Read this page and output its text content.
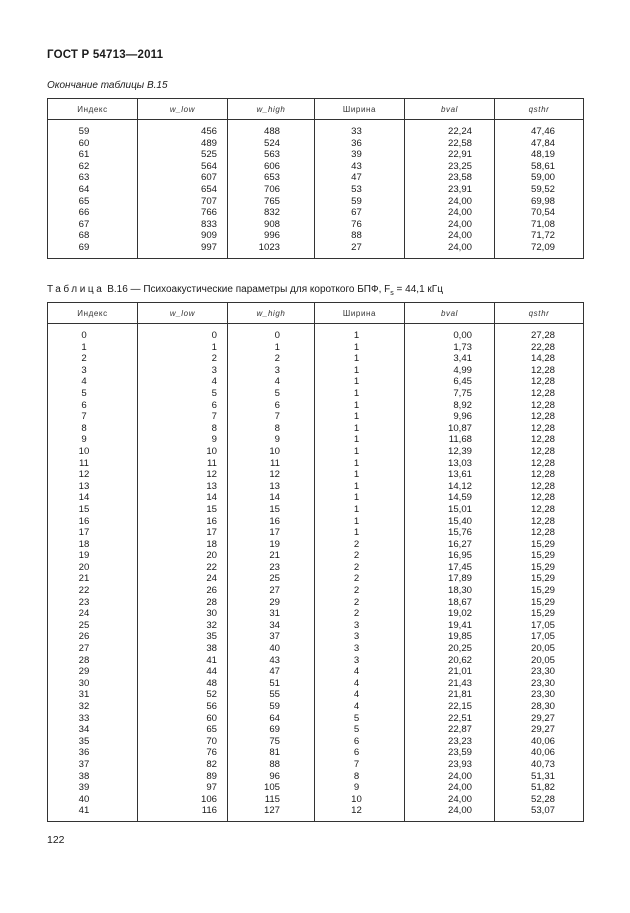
ГОСТ Р 54713—2011
Окончание таблицы В.15
Индекс	w_low	w_high	Ширина	bval	qsthr
59	456	488	33	22,24	47,46
60	489	524	36	22,58	47,84
61	525	563	39	22,91	48,19
62	564	606	43	23,25	58,61
63	607	653	47	23,58	59,00
64	654	706	53	23,91	59,52
65	707	765	59	24,00	69,98
66	766	832	67	24,00	70,54
67	833	908	76	24,00	71,08
68	909	996	88	24,00	71,72
69	997	1023	27	24,00	72,09
Таблица В.16 — Психоакустические параметры для короткого БПФ, $F_s = 44,1$ кГц
Индекс	w_low	w_high	Ширина	bval	qsthr
0	0	0	1	0,00	27,28
1	1	1	1	1,73	22,28
2	2	2	1	3,41	14,28
3	3	3	1	4,99	12,28
4	4	4	1	6,45	12,28
5	5	5	1	7,75	12,28
6	6	6	1	8,92	12,28
7	7	7	1	9,96	12,28
8	8	8	1	10,87	12,28
9	9	9	1	11,68	12,28
10	10	10	1	12,39	12,28
11	11	11	1	13,03	12,28
12	12	12	1	13,61	12,28
13	13	13	1	14,12	12,28
14	14	14	1	14,59	12,28
15	15	15	1	15,01	12,28
16	16	16	1	15,40	12,28
17	17	17	1	15,76	12,28
18	18	19	2	16,27	15,29
19	20	21	2	16,95	15,29
20	22	23	2	17,45	15,29
21	24	25	2	17,89	15,29
22	26	27	2	18,30	15,29
23	28	29	2	18,67	15,29
24	30	31	2	19,02	15,29
25	32	34	3	19,41	17,05
26	35	37	3	19,85	17,05
27	38	40	3	20,25	20,05
28	41	43	3	20,62	20,05
29	44	47	4	21,01	23,30
30	48	51	4	21,43	23,30
31	52	55	4	21,81	23,30
32	56	59	4	22,15	28,30
33	60	64	5	22,51	29,27
34	65	69	5	22,87	29,27
35	70	75	6	23,23	40,06
36	76	81	6	23,59	40,06
37	82	88	7	23,93	40,73
38	89	96	8	24,00	51,31
39	97	105	9	24,00	51,82
40	106	115	10	24,00	52,28
41	116	127	12	24,00	53,07
122
